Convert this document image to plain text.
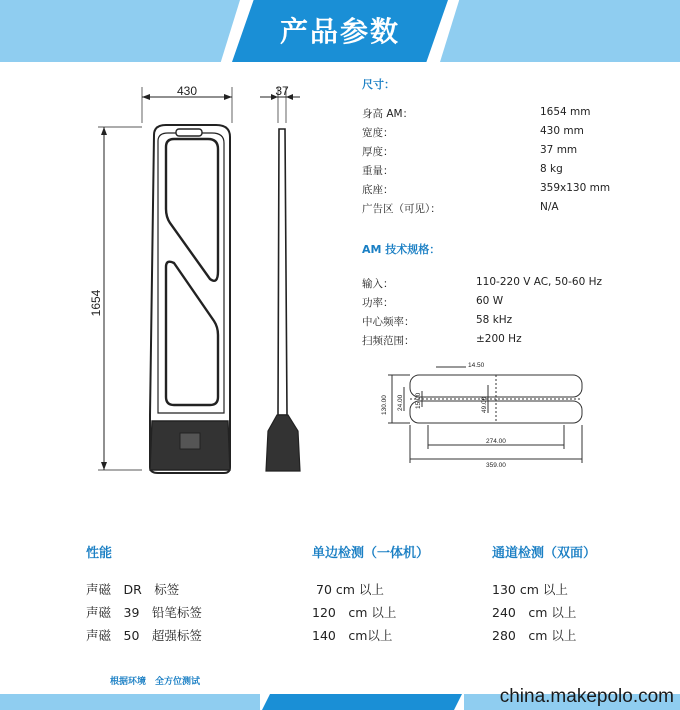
产品参数
430	37
1654
尺寸：
身高 AM：	1654 mm
宽度：	430 mm
厚度：	37 mm
重量：	8 kg
底座：	359x130 mm
广告区（可见）：	N/A
AM 技术规格：
输入：	110-220 V AC, 50-60 Hz
功率：	60 W
中心频率：	58 kHz
扫频范围：	±200 Hz
14.50
130.00 24.00 15.00	49.00
274.00
359.00
性能	单边检测（一体机）	通道检测（双面）
声磁　DR　标签	70 cm 以上	130 cm 以上
声磁　39　铅笔标签	120　cm 以上	240　cm 以上
声磁　50　超强标签	140　cm以上	280　cm 以上
根据环境　全方位测试
china.makepolo.com
